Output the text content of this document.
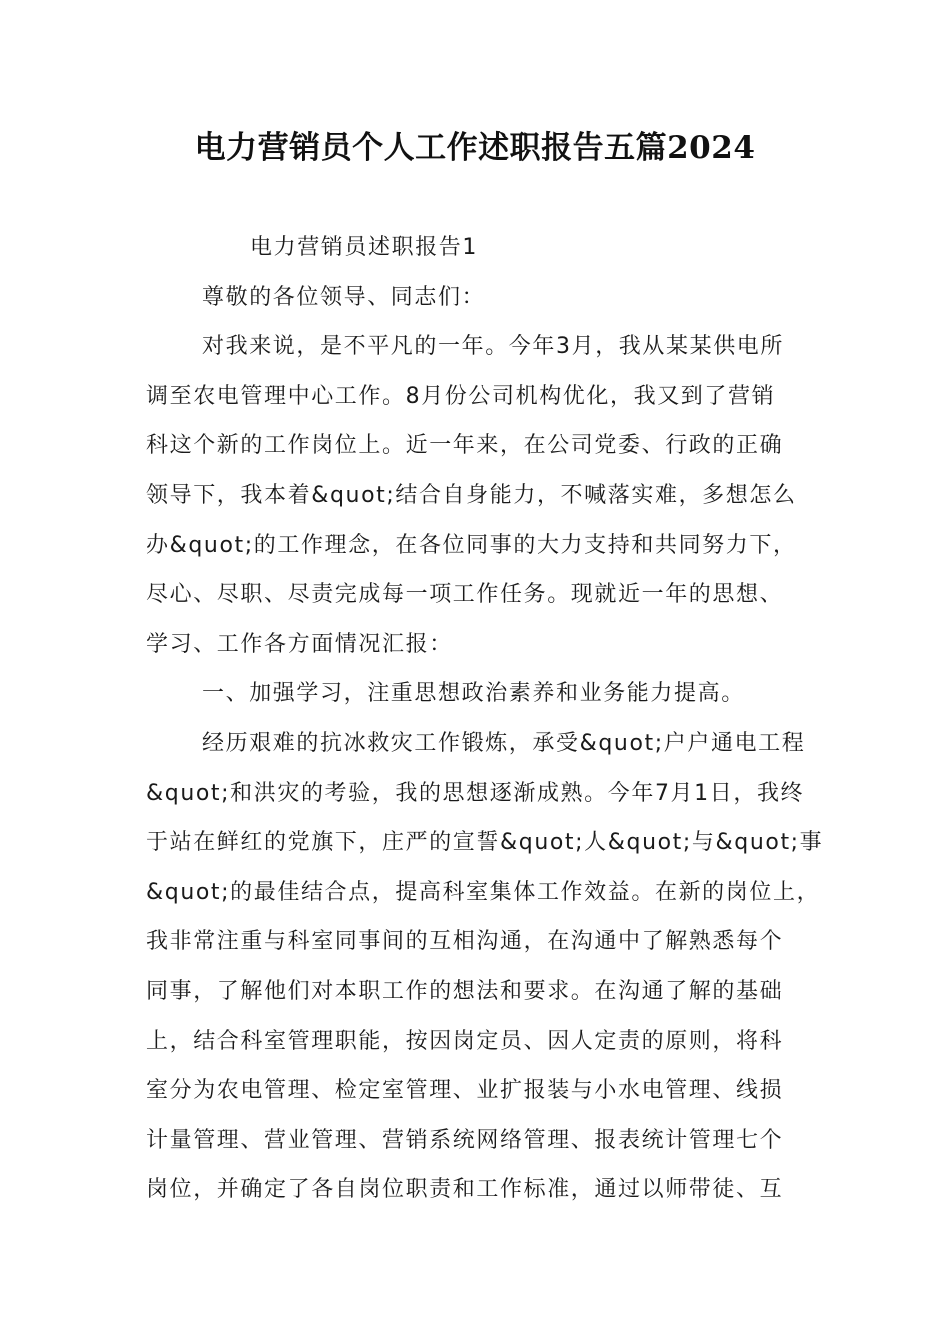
电力营销员个人工作述职报告五篇2024
电力营销员述职报告1
尊敬的各位领导、同志们：
对我来说，是不平凡的一年。今年3月，我从某某供电所
调至农电管理中心工作。8月份公司机构优化，我又到了营销
科这个新的工作岗位上。近一年来，在公司党委、行政的正确
领导下，我本着&quot;结合自身能力，不喊落实难，多想怎么
办&quot;的工作理念，在各位同事的大力支持和共同努力下，
尽心、尽职、尽责完成每一项工作任务。现就近一年的思想、
学习、工作各方面情况汇报：
一、加强学习，注重思想政治素养和业务能力提高。
经历艰难的抗冰救灾工作锻炼，承受&quot;户户通电工程
&quot;和洪灾的考验，我的思想逐渐成熟。今年7月1日，我终
于站在鲜红的党旗下，庄严的宣誓&quot;人&quot;与&quot;事
&quot;的最佳结合点，提高科室集体工作效益。在新的岗位上，
我非常注重与科室同事间的互相沟通，在沟通中了解熟悉每个
同事，了解他们对本职工作的想法和要求。在沟通了解的基础
上，结合科室管理职能，按因岗定员、因人定责的原则，将科
室分为农电管理、检定室管理、业扩报装与小水电管理、线损
计量管理、营业管理、营销系统网络管理、报表统计管理七个
岗位，并确定了各自岗位职责和工作标准，通过以师带徒、互
